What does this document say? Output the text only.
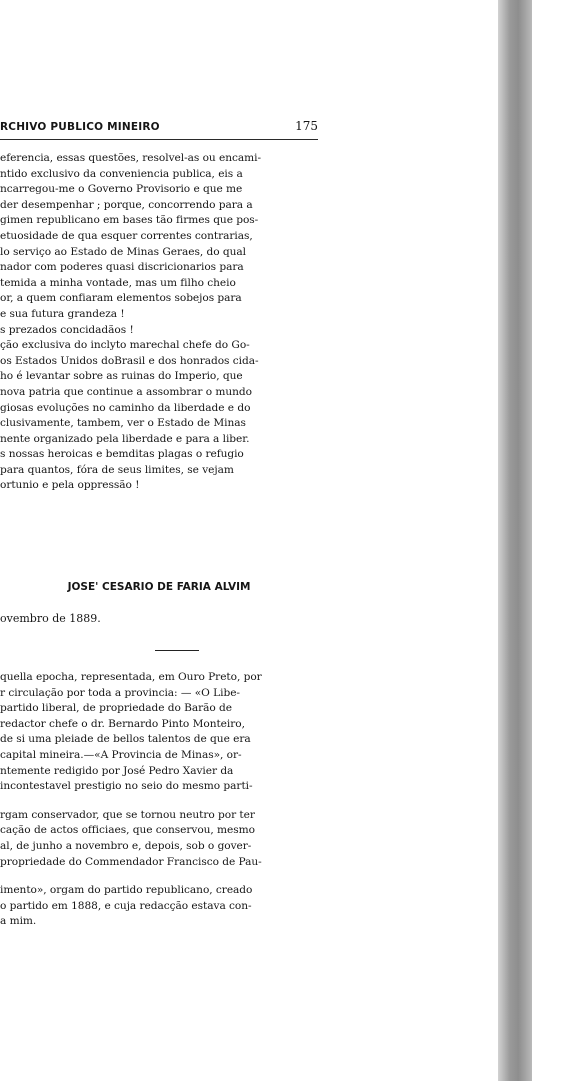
RCHIVO PUBLICO MINEIRO	175
eferencia, essas questões, resolvel-as ou encami-
ntido exclusivo da conveniencia publica, eis a
ncarregou-me o Governo Provisorio e que me
der desempenhar ; porque, concorrendo para a
gimen republicano em bases tão firmes que pos-
etuosidade de qua esquer correntes contrarias,
lo serviço ao Estado de Minas Geraes, do qual
nador com poderes quasi discricionarios para
temida a minha vontade, mas um filho cheio
or, a quem confiaram elementos sobejos para
e sua futura grandeza !
s prezados concidadãos !
ção exclusiva do inclyto marechal chefe do Go-
os Estados Unidos doBrasil e dos honrados cida-
ho é levantar sobre as ruinas do Imperio, que
nova patria que continue a assombrar o mundo
giosas evoluções no caminho da liberdade e do
clusivamente, tambem, ver o Estado de Minas
nente organizado pela liberdade e para a liber.
s nossas heroicas e bemditas plagas o refugio
para quantos, fóra de seus limites, se vejam
ortunio e pela oppressão !
JOSE' CESARIO DE FARIA ALVIM
ovembro de 1889.
quella epocha, representada, em Ouro Preto, por
r circulação por toda a provincia: — «O Libe-
partido liberal, de propriedade do Barão de
redactor chefe o dr. Bernardo Pinto Monteiro,
de si uma pleiade de bellos talentos de que era
capital mineira.—«A Provincia de Minas», or-
ntemente redigido por José Pedro Xavier da
incontestavel prestigio no seio do mesmo parti-
rgam conservador, que se tornou neutro por ter
cação de actos officiaes, que conservou, mesmo
al, de junho a novembro e, depois, sob o gover-
propriedade do Commendador Francisco de Pau-
imento», orgam do partido republicano, creado
o partido em 1888, e cuja redacção estava con-
a mim.
